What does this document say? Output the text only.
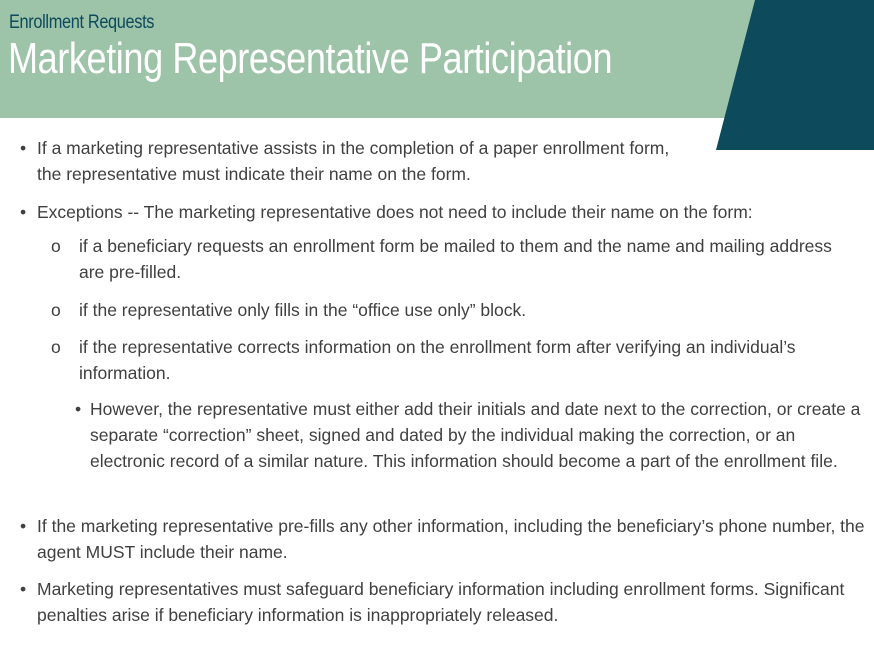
Enrollment Requests
Marketing Representative Participation
• If a marketing representative assists in the completion of a paper enrollment form, the representative must indicate their name on the form.
• Exceptions -- The marketing representative does not need to include their name on the form:
o if a beneficiary requests an enrollment form be mailed to them and the name and mailing address are pre-filled.
o if the representative only fills in the “office use only” block.
o if the representative corrects information on the enrollment form after verifying an individual’s information.
• However, the representative must either add their initials and date next to the correction, or create a separate “correction” sheet, signed and dated by the individual making the correction, or an electronic record of a similar nature. This information should become a part of the enrollment file.
• If the marketing representative pre-fills any other information, including the beneficiary’s phone number, the agent MUST include their name.
• Marketing representatives must safeguard beneficiary information including enrollment forms. Significant penalties arise if beneficiary information is inappropriately released.
